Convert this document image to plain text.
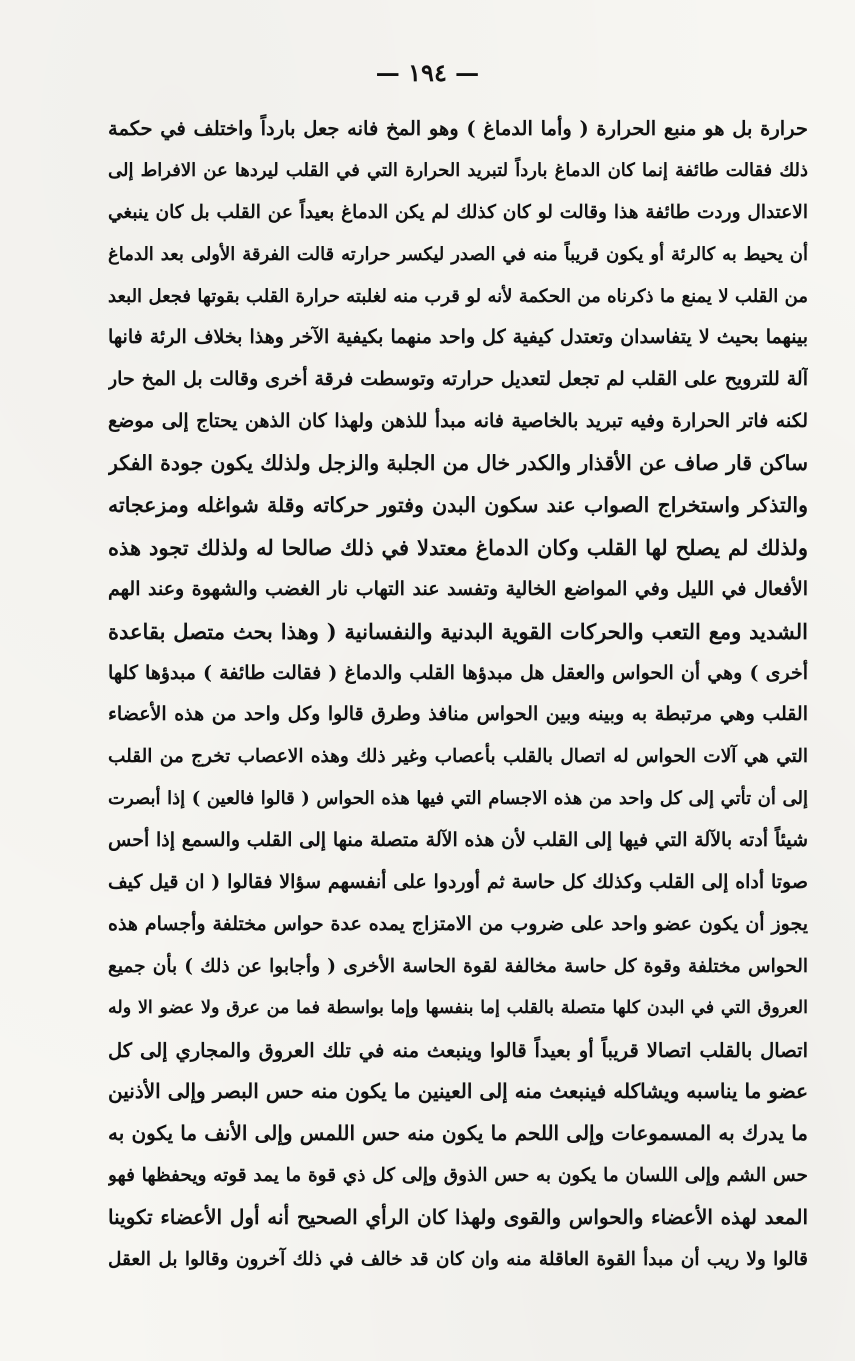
— ١٩٤ —
حرارة بل هو منبع الحرارة ( وأما الدماغ ) وهو المخ فانه جعل بارداً واختلف في حكمة
ذلك فقالت طائفة إنما كان الدماغ بارداً لتبريد الحرارة التي في القلب ليردها عن الافراط إلى
الاعتدال وردت طائفة هذا وقالت لو كان كذلك لم يكن الدماغ بعيداً عن القلب بل كان ينبغي
أن يحيط به كالرئة أو يكون قريباً منه في الصدر ليكسر حرارته قالت الفرقة الأولى بعد الدماغ
من القلب لا يمنع ما ذكرناه من الحكمة لأنه لو قرب منه لغلبته حرارة القلب بقوتها فجعل البعد
بينهما بحيث لا يتفاسدان وتعتدل كيفية كل واحد منهما بكيفية الآخر وهذا بخلاف الرئة فانها
آلة للترويح على القلب لم تجعل لتعديل حرارته وتوسطت فرقة أخرى وقالت بل المخ حار
لكنه فاتر الحرارة وفيه تبريد بالخاصية فانه مبدأ للذهن ولهذا كان الذهن يحتاج إلى موضع
ساكن قار صاف عن الأقذار والكدر خال من الجلبة والزجل ولذلك يكون جودة الفكر
والتذكر واستخراج الصواب عند سكون البدن وفتور حركاته وقلة شواغله ومزعجاته
ولذلك لم يصلح لها القلب وكان الدماغ معتدلا في ذلك صالحا له ولذلك تجود هذه
الأفعال في الليل وفي المواضع الخالية وتفسد عند التهاب نار الغضب والشهوة وعند الهم
الشديد ومع التعب والحركات القوية البدنية والنفسانية ( وهذا بحث متصل بقاعدة
أخرى ) وهي أن الحواس والعقل هل مبدؤها القلب والدماغ ( فقالت طائفة ) مبدؤها كلها
القلب وهي مرتبطة به وبينه وبين الحواس منافذ وطرق قالوا وكل واحد من هذه الأعضاء
التي هي آلات الحواس له اتصال بالقلب بأعصاب وغير ذلك وهذه الاعصاب تخرج من القلب
إلى أن تأتي إلى كل واحد من هذه الاجسام التي فيها هذه الحواس ( قالوا فالعين ) إذا أبصرت
شيئاً أدته بالآلة التي فيها إلى القلب لأن هذه الآلة متصلة منها إلى القلب والسمع إذا أحس
صوتا أداه إلى القلب وكذلك كل حاسة ثم أوردوا على أنفسهم سؤالا فقالوا ( ان قيل كيف
يجوز أن يكون عضو واحد على ضروب من الامتزاج يمده عدة حواس مختلفة وأجسام هذه
الحواس مختلفة وقوة كل حاسة مخالفة لقوة الحاسة الأخرى ( وأجابوا عن ذلك ) بأن جميع
العروق التي في البدن كلها متصلة بالقلب إما بنفسها وإما بواسطة فما من عرق ولا عضو الا وله
اتصال بالقلب اتصالا قريباً أو بعيداً قالوا وينبعث منه في تلك العروق والمجاري إلى كل
عضو ما يناسبه ويشاكله فينبعث منه إلى العينين ما يكون منه حس البصر وإلى الأذنين
ما يدرك به المسموعات وإلى اللحم ما يكون منه حس اللمس وإلى الأنف ما يكون به
حس الشم وإلى اللسان ما يكون به حس الذوق وإلى كل ذي قوة ما يمد قوته ويحفظها فهو
المعد لهذه الأعضاء والحواس والقوى ولهذا كان الرأي الصحيح أنه أول الأعضاء تكوينا
قالوا ولا ريب أن مبدأ القوة العاقلة منه وان كان قد خالف في ذلك آخرون وقالوا بل العقل
